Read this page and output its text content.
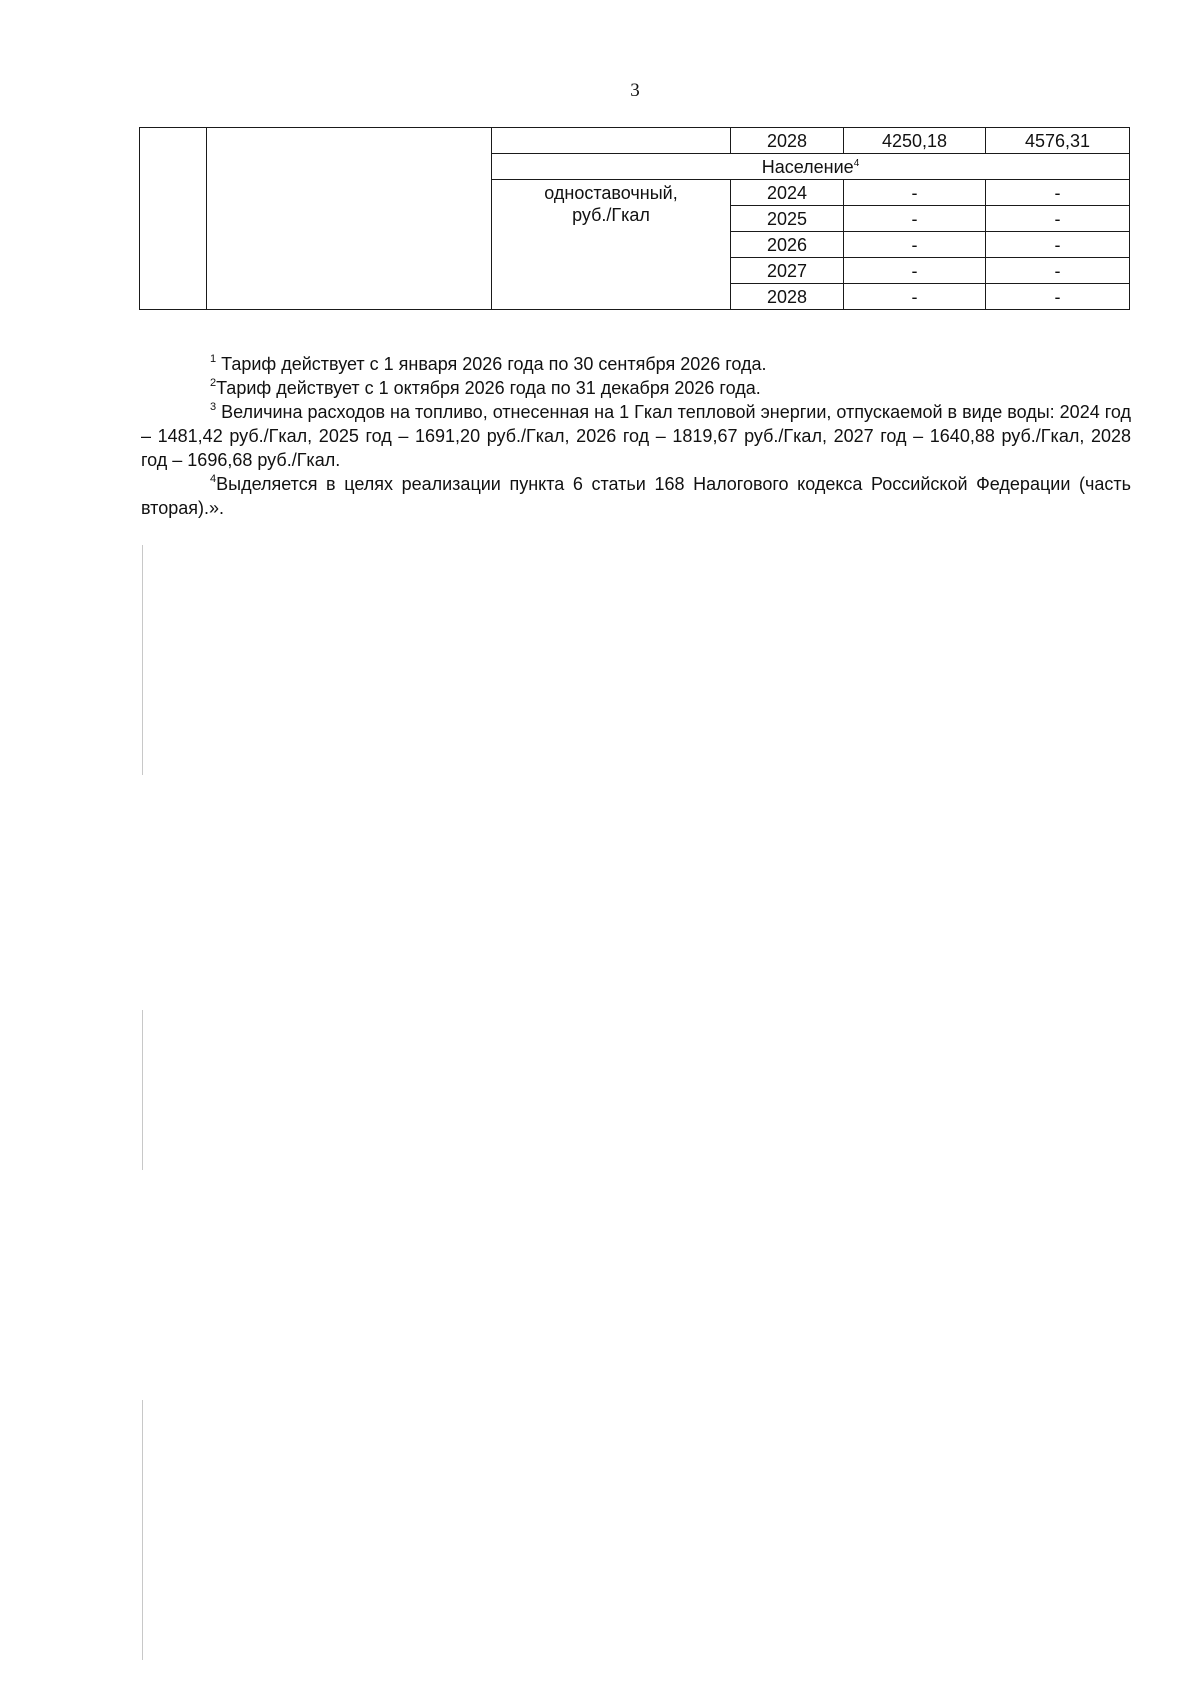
3
			2028	4250,18	4576,31
		Население$^4$

		одноставочный,
руб./Гкал	2024	-	-
			2025	-	-
			2026	-	-
			2027	-	-
			2028	-	-

$^1$ Тариф действует с 1 января 2026 года по 30 сентября 2026 года.

$^2$Тариф действует с 1 октября 2026 года по 31 декабря 2026 года.

$^3$ Величина расходов на топливо, отнесенная на 1 Гкал тепловой энергии, отпускаемой в виде воды: 2024 год – 1481,42 руб./Гкал, 2025 год – 1691,20 руб./Гкал, 2026 год – 1819,67 руб./Гкал, 2027 год – 1640,88 руб./Гкал, 2028 год – 1696,68 руб./Гкал.

$^4$Выделяется в целях реализации пункта 6 статьи 168 Налогового кодекса Российской Федерации (часть вторая).».
